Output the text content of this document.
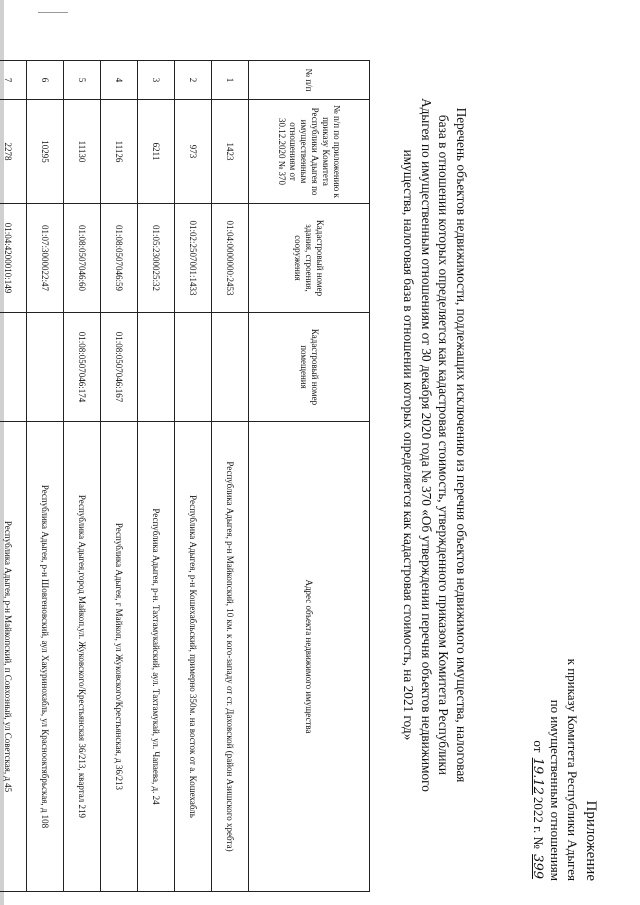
Приложение
к приказу Комитета Республики Адыгея
по имущественным отношениям
от 19.122022 г. № 399
Перечень объектов недвижимости, подлежащих исключению из перечня объектов недвижимого имущества, налоговая база в отношении которых определяется как кадастровая стоимость, утвержденного приказом Комитета Республики Адыгея по имущественным отношениям от 30 декабря 2020 года № 370 «Об утверждении перечня объектов недвижимого имущества, налоговая база в отношении которых определяется как кадастровая стоимость, на 2021 год»
№ п/п	№ п/п по приложению к приказу Комитета Республики Адыгея по имущественным отношениям от 30.12.2020 № 370	Кадастровый номер здания, строения, сооружения	Кадастровый номер помещения	Адрес объекта недвижимого имущества
1	1423	01:04:0000000:2453		Республика Адыгея, р-н Майкопский, 10 км. к юго-западу от ст. Даховской (район Азишского хребта)
2	973	01:02:2507001:1433		Республика Адыгея, р-н Кошехабльский, примерно 350м. на восток от а. Кошехабль
3	6211	01:05:2300025:32		Республика Адыгея, р-н. Тахтамукайский, аул. Тахтамукай, ул. Чапаева, д. 24
4	11126	01:08:0507046:59	01:08:0507046:167	Республика Адыгея, г Майкоп, ул Жуковского/Крестьянская, д 36/213
5	11130	01:08:0507046:60	01:08:0507046:174	Республика Адыгея,город Майкоп,ул. Жуковского/Крестьянская 36/213, квартал 219
6	10295	01:07:3000022:47		Республика Адыгея, р-н Шовгеновский, аул Хакуринохабль, ул Краснооктябрьская, д 108
7	2278	01:04:4200010:149		Республика Адыгея, р-н Майкопский, п Совхозный, ул Советская, д 45
